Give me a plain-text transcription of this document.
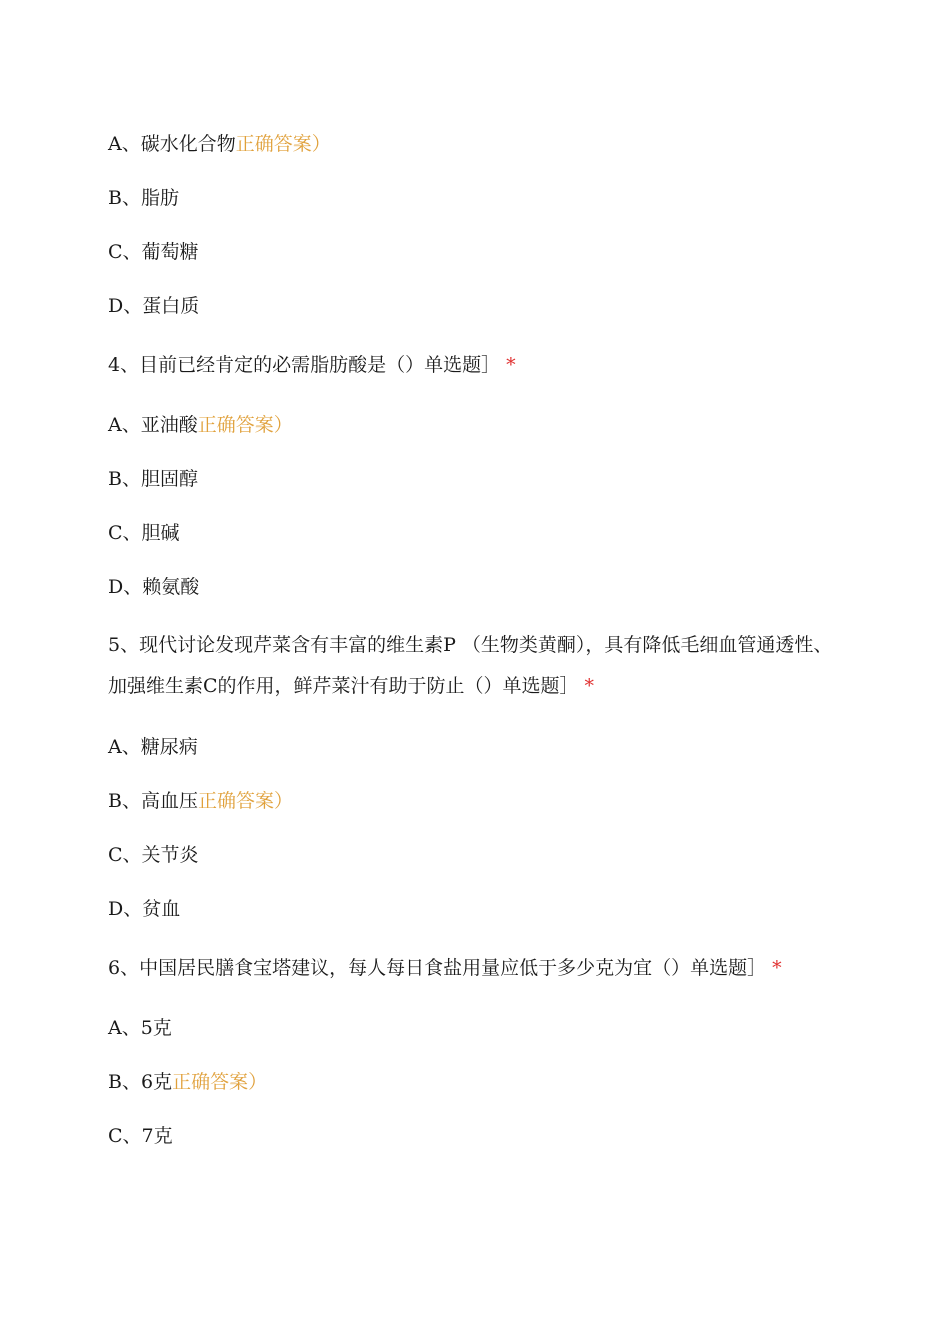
A、碳水化合物正确答案）
B、脂肪
C、葡萄糖
D、蛋白质
4、目前已经肯定的必需脂肪酸是（）单选题］ *
A、亚油酸正确答案）
B、胆固醇
C、胆碱
D、赖氨酸
5、现代讨论发现芹菜含有丰富的维生素P （生物类黄酮），具有降低毛细血管通透性、加强维生素C的作用，鲜芹菜汁有助于防止（）单选题］ *
A、糖尿病
B、高血压正确答案）
C、关节炎
D、贫血
6、中国居民膳食宝塔建议，每人每日食盐用量应低于多少克为宜（）单选题］ *
A、5克
B、6克正确答案）
C、7克
